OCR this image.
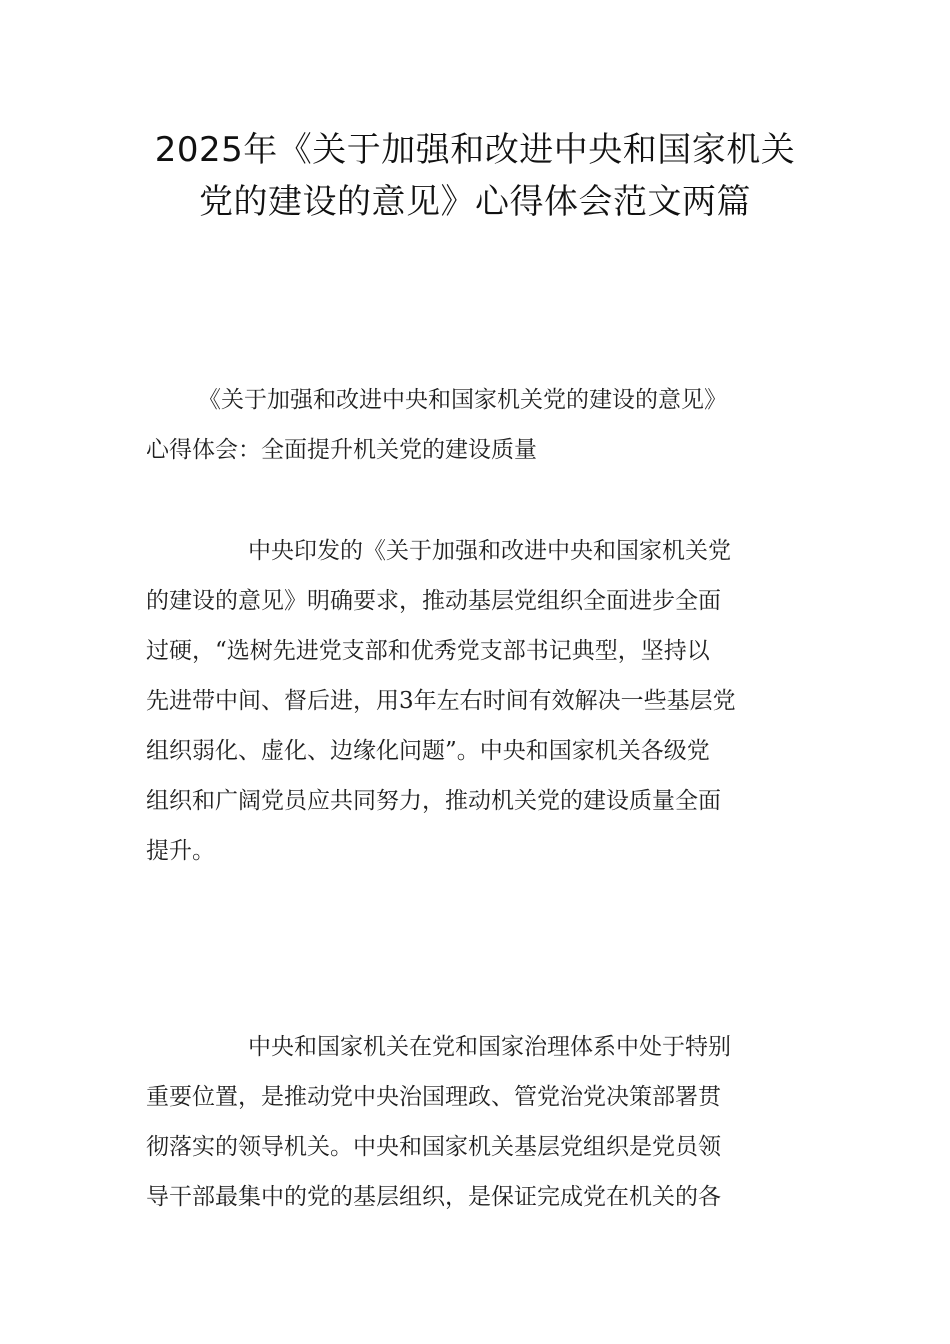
2025年《关于加强和改进中央和国家机关
党的建设的意见》心得体会范文两篇
《关于加强和改进中央和国家机关党的建设的意见》
心得体会：全面提升机关党的建设质量
中央印发的《关于加强和改进中央和国家机关党
的建设的意见》明确要求，推动基层党组织全面进步全面
过硬，“选树先进党支部和优秀党支部书记典型，坚持以
先进带中间、督后进，用3年左右时间有效解决一些基层党
组织弱化、虚化、边缘化问题”。中央和国家机关各级党
组织和广阔党员应共同努力，推动机关党的建设质量全面
提升。
中央和国家机关在党和国家治理体系中处于特别
重要位置，是推动党中央治国理政、管党治党决策部署贯
彻落实的领导机关。中央和国家机关基层党组织是党员领
导干部最集中的党的基层组织，是保证完成党在机关的各
